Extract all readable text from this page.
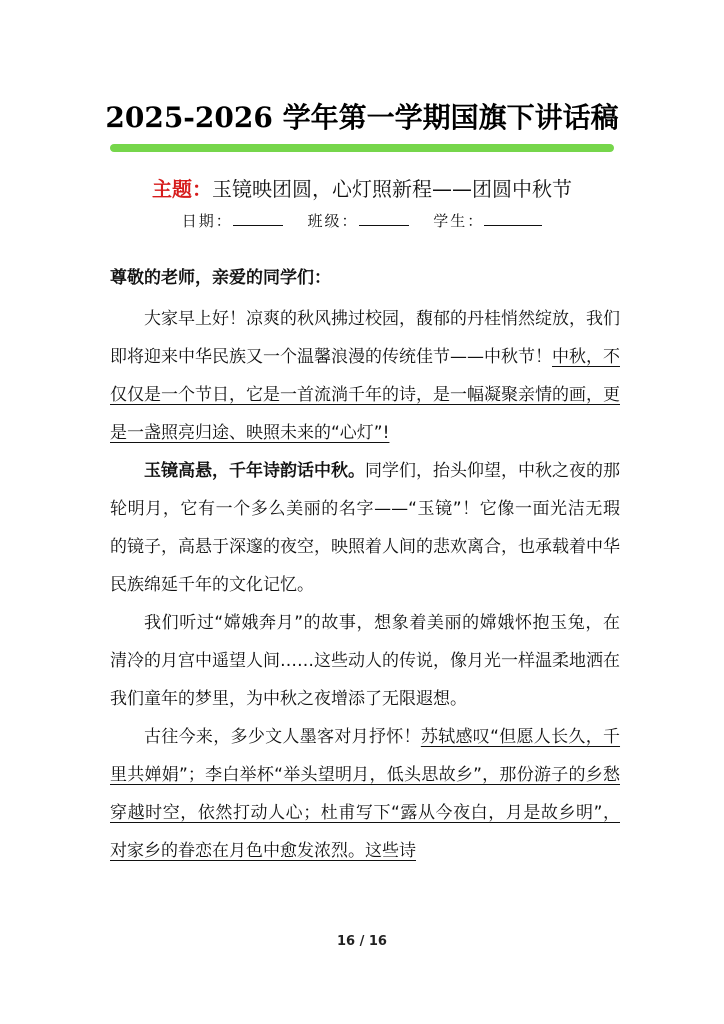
2025-2026 学年第一学期国旗下讲话稿
主题：玉镜映团圆，心灯照新程——团圆中秋节
日期：	班级：	学生：
尊敬的老师，亲爱的同学们：

大家早上好！凉爽的秋风拂过校园，馥郁的丹桂悄然绽放，我们即将迎来中华民族又一个温馨浪漫的传统佳节——中秋节！中秋，不仅仅是一个节日，它是一首流淌千年的诗，是一幅凝聚亲情的画，更是一盏照亮归途、映照未来的“心灯”!

玉镜高悬，千年诗韵话中秋。同学们，抬头仰望，中秋之夜的那轮明月，它有一个多么美丽的名字——“玉镜”！它像一面光洁无瑕的镜子，高悬于深邃的夜空，映照着人间的悲欢离合，也承载着中华民族绵延千年的文化记忆。

我们听过“嫦娥奔月”的故事，想象着美丽的嫦娥怀抱玉兔，在清冷的月宫中遥望人间……这些动人的传说，像月光一样温柔地洒在我们童年的梦里，为中秋之夜增添了无限遐想。

古往今来，多少文人墨客对月抒怀！苏轼感叹“但愿人长久，千里共婵娟”；李白举杯“举头望明月，低头思故乡”，那份游子的乡愁穿越时空，依然打动人心；杜甫写下“露从今夜白，月是故乡明”，对家乡的眷恋在月色中愈发浓烈。这些诗

16 / 16
